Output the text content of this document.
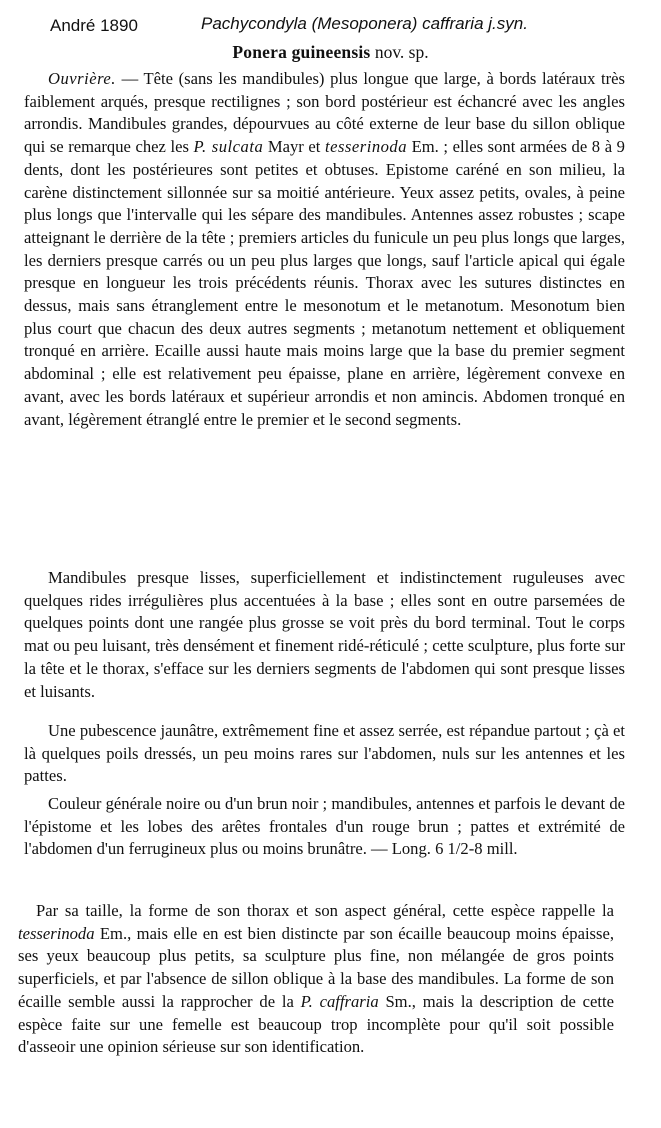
André 1890	Pachycondyla (Mesoponera) caffraria j.syn.
Ponera guineensis nov. sp.

Ouvrière. — Tête (sans les mandibules) plus longue que large, à bords latéraux très faiblement arqués, presque rectilignes ; son bord postérieur est échancré avec les angles arrondis. Mandibules grandes, dépourvues au côté externe de leur base du sillon oblique qui se remarque chez les P. sulcata Mayr et tesserinoda Em. ; elles sont armées de 8 à 9 dents, dont les postérieures sont petites et obtuses. Epistome caréné en son milieu, la carène distinctement sillonnée sur sa moitié antérieure. Yeux assez petits, ovales, à peine plus longs que l'intervalle qui les sépare des mandibules. Antennes assez robustes ; scape atteignant le derrière de la tête ; premiers articles du funicule un peu plus longs que larges, les derniers presque carrés ou un peu plus larges que longs, sauf l'article apical qui égale presque en longueur les trois précédents réunis. Thorax avec les sutures distinctes en dessus, mais sans étranglement entre le mesonotum et le metanotum. Mesonotum bien plus court que chacun des deux autres segments ; metanotum nettement et obliquement tronqué en arrière. Ecaille aussi haute mais moins large que la base du premier segment abdominal ; elle est relativement peu épaisse, plane en arrière, légèrement convexe en avant, avec les bords latéraux et supérieur arrondis et non amincis. Abdomen tronqué en avant, légèrement étranglé entre le premier et le second segments.

Mandibules presque lisses, superficiellement et indistinctement ruguleuses avec quelques rides irrégulières plus accentuées à la base ; elles sont en outre parsemées de quelques points dont une rangée plus grosse se voit près du bord terminal. Tout le corps mat ou peu luisant, très densément et finement ridé-réticulé ; cette sculpture, plus forte sur la tête et le thorax, s'efface sur les derniers segments de l'abdomen qui sont presque lisses et luisants.

Une pubescence jaunâtre, extrêmement fine et assez serrée, est répandue partout ; çà et là quelques poils dressés, un peu moins rares sur l'abdomen, nuls sur les antennes et les pattes.

Couleur générale noire ou d'un brun noir ; mandibules, antennes et parfois le devant de l'épistome et les lobes des arêtes frontales d'un rouge brun ; pattes et extrémité de l'abdomen d'un ferrugineux plus ou moins brunâtre. — Long. 6 1/2-8 mill.

Par sa taille, la forme de son thorax et son aspect général, cette espèce rappelle la tesserinoda Em., mais elle en est bien distincte par son écaille beaucoup moins épaisse, ses yeux beaucoup plus petits, sa sculpture plus fine, non mélangée de gros points superficiels, et par l'absence de sillon oblique à la base des mandibules. La forme de son écaille semble aussi la rapprocher de la P. caffraria Sm., mais la description de cette espèce faite sur une femelle est beaucoup trop incomplète pour qu'il soit possible d'asseoir une opinion sérieuse sur son identification.
